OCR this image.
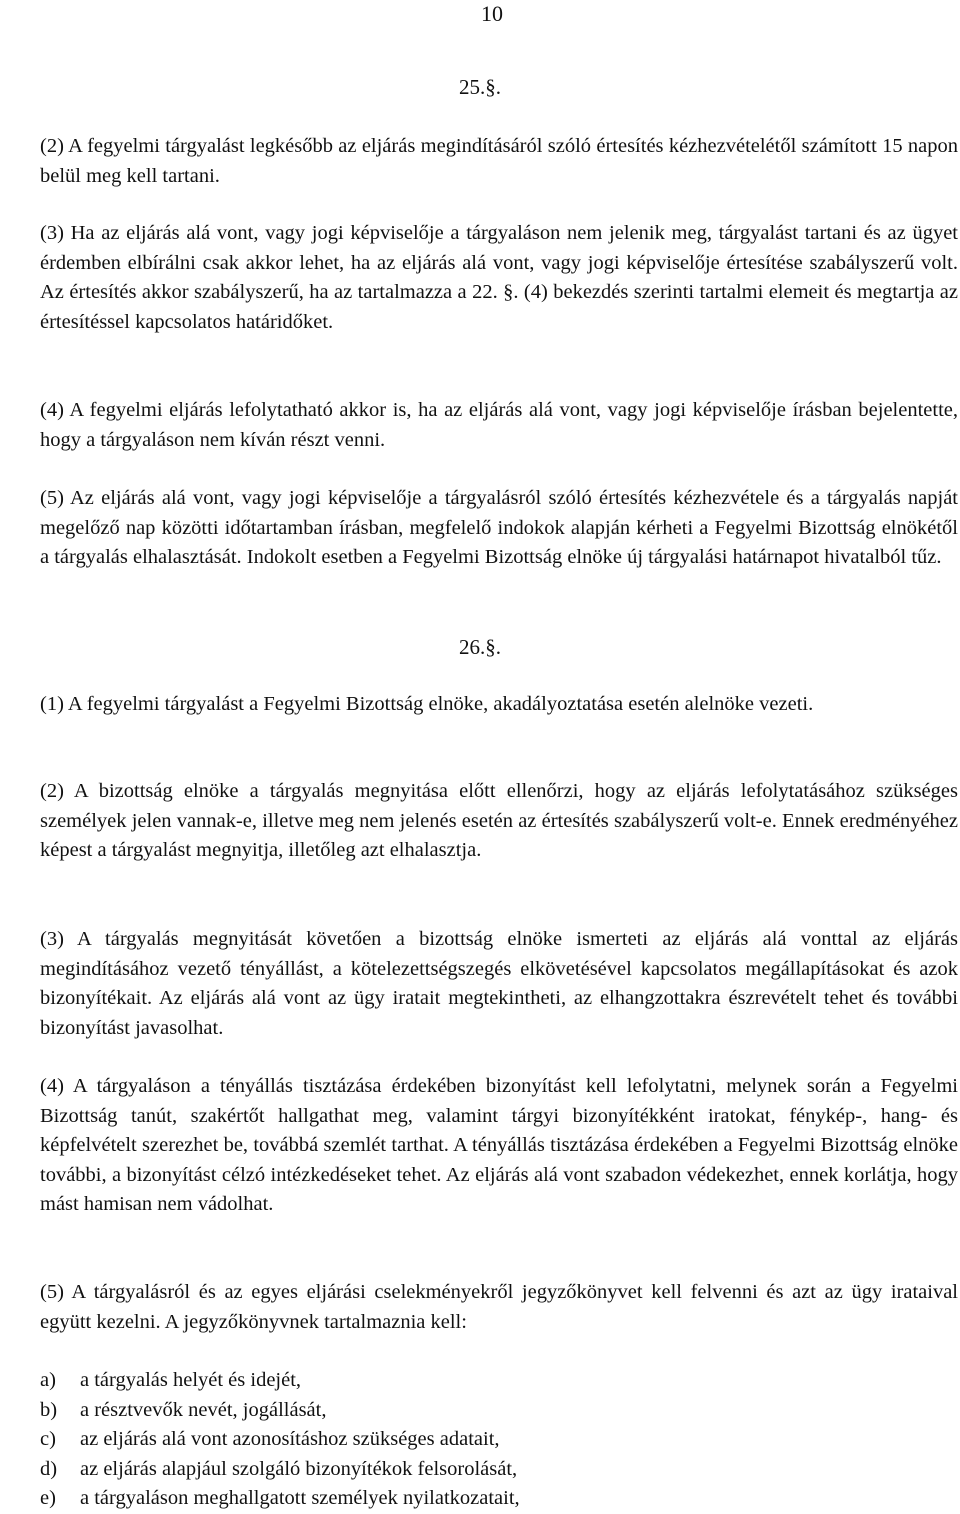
10
25.§.
(2) A fegyelmi tárgyalást legkésőbb az eljárás megindításáról szóló értesítés kézhezvételétől számított 15 napon belül meg kell tartani.
(3) Ha az eljárás alá vont, vagy jogi képviselője a tárgyaláson nem jelenik meg, tárgyalást tartani és az ügyet érdemben elbírálni csak akkor lehet, ha az eljárás alá vont, vagy jogi képviselője értesítése szabályszerű volt. Az értesítés akkor szabályszerű, ha az tartalmazza a 22. §. (4) bekezdés szerinti tartalmi elemeit és megtartja az értesítéssel kapcsolatos határidőket.
(4) A fegyelmi eljárás lefolytatható akkor is, ha az eljárás alá vont, vagy jogi képviselője írásban bejelentette, hogy a tárgyaláson nem kíván részt venni.
(5) Az eljárás alá vont, vagy jogi képviselője a tárgyalásról szóló értesítés kézhezvétele és a tárgyalás napját megelőző nap közötti időtartamban írásban, megfelelő indokok alapján kérheti a Fegyelmi Bizottság elnökétől a tárgyalás elhalasztását. Indokolt esetben a Fegyelmi Bizottság elnöke új tárgyalási határnapot hivatalból tűz.
26.§.
(1) A fegyelmi tárgyalást a Fegyelmi Bizottság elnöke, akadályoztatása esetén alelnöke vezeti.
(2) A bizottság elnöke a tárgyalás megnyitása előtt ellenőrzi, hogy az eljárás lefolytatásához szükséges személyek jelen vannak-e, illetve meg nem jelenés esetén az értesítés szabályszerű volt-e. Ennek eredményéhez képest a tárgyalást megnyitja, illetőleg azt elhalasztja.
(3) A tárgyalás megnyitását követően a bizottság elnöke ismerteti az eljárás alá vonttal az eljárás megindításához vezető tényállást, a kötelezettségszegés elkövetésével kapcsolatos megállapításokat és azok bizonyítékait. Az eljárás alá vont az ügy iratait megtekintheti, az elhangzottakra észrevételt tehet és további bizonyítást javasolhat.
(4) A tárgyaláson a tényállás tisztázása érdekében bizonyítást kell lefolytatni, melynek során a Fegyelmi Bizottság tanút, szakértőt hallgathat meg, valamint tárgyi bizonyítékként iratokat, fénykép-, hang- és képfelvételt szerezhet be, továbbá szemlét tarthat. A tényállás tisztázása érdekében a Fegyelmi Bizottság elnöke további, a bizonyítást célzó intézkedéseket tehet. Az eljárás alá vont szabadon védekezhet, ennek korlátja, hogy mást hamisan nem vádolhat.
(5) A tárgyalásról és az egyes eljárási cselekményekről jegyzőkönyvet kell felvenni és azt az ügy irataival együtt kezelni. A jegyzőkönyvnek tartalmaznia kell:
a) a tárgyalás helyét és idejét,
b) a résztvevők nevét, jogállását,
c) az eljárás alá vont azonosításhoz szükséges adatait,
d) az eljárás alapjául szolgáló bizonyítékok felsorolását,
e) a tárgyaláson meghallgatott személyek nyilatkozatait,
